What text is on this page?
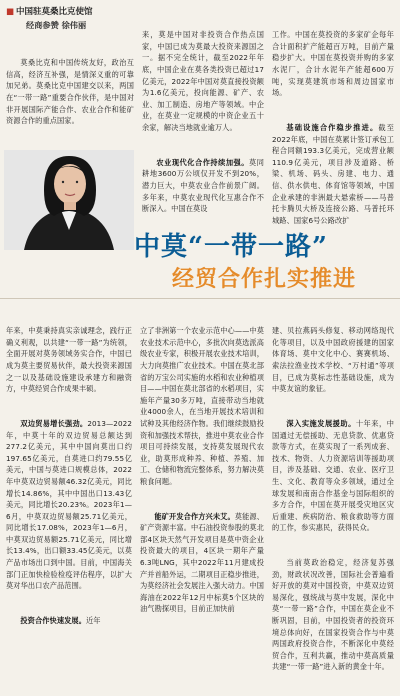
■ 中国驻莫桑比克使馆
经商参赞 徐伟丽

莫桑比克和中国传统友好，政治互信高，经济互补强，是情深义重的可靠加兄弟。莫桑比克中国建交以来，两国在“一带一路”重要合作伙伴，是中国对非开展国际产能合作、农业合作和能矿资源合作的重点国家。

来，莫是中国对非投资合作热点国家，中国已成为莫最大投资来源国之一。据不完全统计，截至2022年年底，中国企业在莫各类投资已超过17亿美元，2022年中国对莫直接投资额为1.6亿美元，投向能源、矿产、农业、加工制造、房地产等领域。中企业，在莫业一定规模的中资企业五十余家，解决当地就业逾万人。

农业现代化合作持续加强。莫同耕地3600万公顷仅开发不到20%，潜力巨大，中莫农业合作前景广阔。多年来，中莫农业现代化互惠合作不断深入。中国在莫设

工作。中国在莫投资的多家矿企每年合计面积扩产能超百万吨，目前产量稳步扩大。中国在莫投资并购的多家水泥厂，合计水泥年产能超600万吨，实现莫建筑市场和周边国家市场。

基础设施合作稳步推进。截至2022年底，中国在莫累计签订承包工程合同额193.3亿美元，完成营业额110.9亿美元，项目涉及道路、桥梁、机场、码头、房建、电力、通信、供水供电、体育馆等领域，中国企业承建的非洲最大悬索桥——马普托卡腾贝大桥及连接公路、马普托环城路、国家6号公路改扩

中莫“一带一路”
经贸合作扎实推进

年来，中莫秉持真实亲诚理念，践行正确义利观，以共建“一带一路”为统领，全面开展对莫务领域务实合作，中国已成为莫主要贸易伙伴，最大投资来源国之一以及基础设施建设承建方和融资方，中莫经贸合作成果丰硕。

双边贸易增长强劲。2013—2022年，中莫十年的双边贸易总额达到277.2亿美元，其中中国向莫出口约197.65亿美元，自莫进口约79.55亿美元，中国与莫进口规模总体，2022年中莫双边贸易额46.32亿美元，同比增长14.86%，其中中国出口13.43亿美元，同比增长20.23%。2023年1—6月，中莫双边贸易额25.71亿美元，同比增长17.08%，2023年1—6月，中莫双边贸易额25.71亿美元，同比增长13.4%，出口额33.45亿美元，以莫产品市场出口到中国。目前，中国海关部门正加快检验检疫评估程序，以扩大莫对华出口农产品范围。

投资合作快速发展。近年

立了非洲第一个农业示范中心——中莫农业技术示范中心，多批次向莫选派高级农业专家，积极开展农业技术培训，大力向莫推广农业技术。中国在莫北部省的万宝公司实施的水稻和农业种植项目——中国在莫北部省的水稻项目，实施年产量30多万吨，直接带动当地就业4000余人，在当地开展技术培训和试种及其他经济作物。我们继续鼓励投资和加强技术帮扶，推进中莫农业合作项目可持续发展，支持莫发展现代农业，助莫形成种养、种植、养殖、加工、仓储和物流完整体系，努力解决莫粮食问题。

能矿开发合作方兴未艾。莫能源、矿产资源丰富。中石油投资参股的莫北部4区块天然气开发项目是莫中资企业投资最大的项目，4区块一期年产量6.3吨LNG，其中2022年11月建成投产并首船外运，二期项目正稳步推进，为莫经济社会发展注入强大动力。中国海油在2022年12月中标莫5个区块的油气勘探项目，目前正加快前

建、贝拉燕码头修复、移动网络现代化等项目，以及中国政府援建的国家体育场、莫中文化中心、赛赛机场、索法拉渔业技术学校、“万村通”等项目，已成为莫标志性基础设施，成为中莫友谊的象征。

深入实施发展援助。十年来，中国通过无偿援助、无息贷款、优惠贷款等方式，在莫实现了一系列成套、技术、物资、人力资源培训等援助项目，涉及基础、交通、农业、医疗卫生、文化、教育等众多领域，通过全球发展和南南合作基金与国际组织的多方合作，中国在莫开展受灾地区灾后重建、疾病防治、粮食救助等方面的工作，参实惠民，获得民众。

当前莫政治稳定，经济复苏强劲，财政状况改善，国际社会普遍看好开放的莫对中国投资，中莫双边贸易深化，强统战与莫中发展，深化中莫“一带一路”合作，中国在莫企业不断巩固，目前，中国投资者的投资环境总体向好，在国家投资合作与中莫两国政府投资合作，不断深化中莫经贸合作，互利共赢，推动中莫高质量共建“一带一路”进入新的黄金十年。
